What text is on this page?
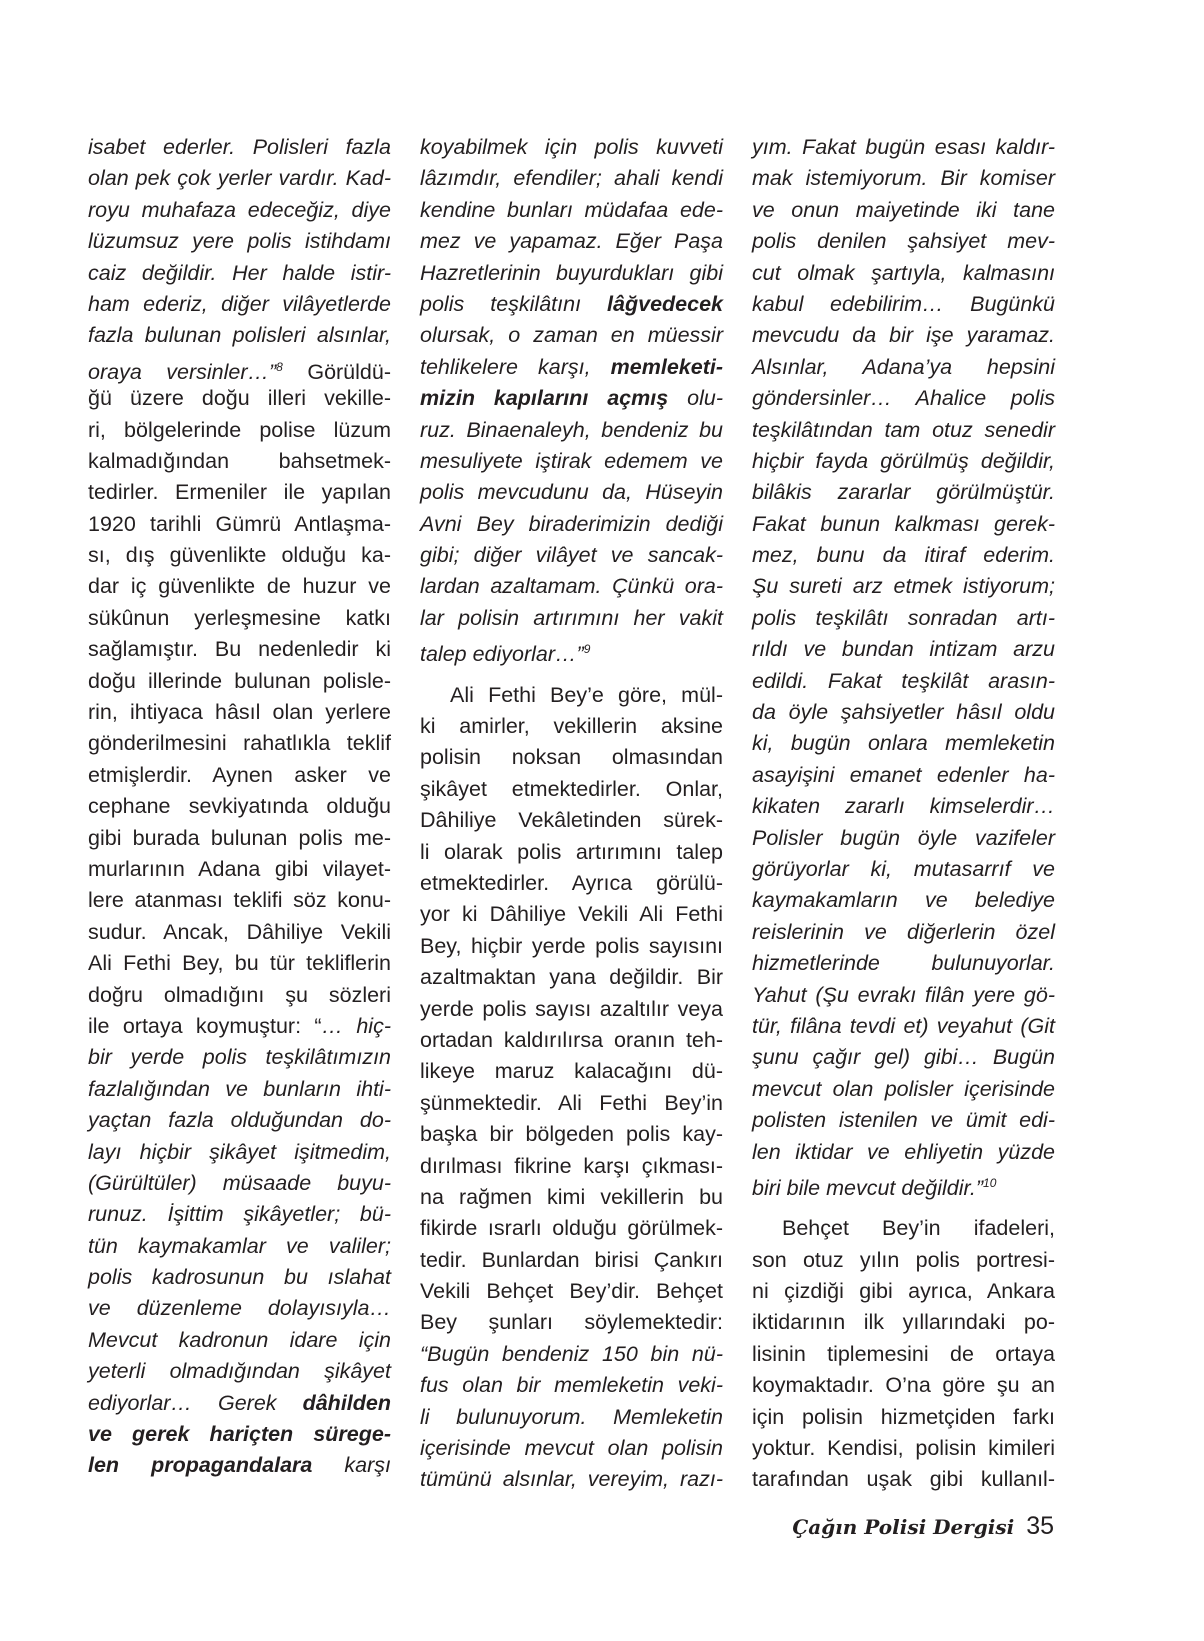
isabet ederler. Polisleri fazla
olan pek çok yerler vardır. Kad-
royu muhafaza edeceğiz, diye
lüzumsuz yere polis istihdamı
caiz değildir. Her halde istir-
ham ederiz, diğer vilâyetlerde
fazla bulunan polisleri alsınlar,
oraya versinler…”$^8$ Görüldü-
ğü üzere doğu illeri vekille-
ri, bölgelerinde polise lüzum
kalmadığından bahsetmek-
tedirler. Ermeniler ile yapılan
1920 tarihli Gümrü Antlaşma-
sı, dış güvenlikte olduğu ka-
dar iç güvenlikte de huzur ve
sükûnun yerleşmesine katkı
sağlamıştır. Bu nedenledir ki
doğu illerinde bulunan polisle-
rin, ihtiyaca hâsıl olan yerlere
gönderilmesini rahatlıkla teklif
etmişlerdir. Aynen asker ve
cephane sevkiyatında olduğu
gibi burada bulunan polis me-
murlarının Adana gibi vilayet-
lere atanması teklifi söz konu-
sudur. Ancak, Dâhiliye Vekili
Ali Fethi Bey, bu tür tekliflerin
doğru olmadığını şu sözleri
ile ortaya koymuştur: “… hiç-
bir yerde polis teşkilâtımızın
fazlalığından ve bunların ihti-
yaçtan fazla olduğundan do-
layı hiçbir şikâyet işitmedim,
(Gürültüler) müsaade buyu-
runuz. İşittim şikâyetler; bü-
tün kaymakamlar ve valiler;
polis kadrosunun bu ıslahat
ve düzenleme dolayısıyla…
Mevcut kadronun idare için
yeterli olmadığından şikâyet
ediyorlar… Gerek dâhilden
ve gerek hariçten sürege-
len propagandalara karşı
koyabilmek için polis kuvveti
lâzımdır, efendiler; ahali kendi
kendine bunları müdafaa ede-
mez ve yapamaz. Eğer Paşa
Hazretlerinin buyurdukları gibi
polis teşkilâtını lâğvedecek
olursak, o zaman en müessir
tehlikelere karşı, memleketi-
mizin kapılarını açmış olu-
ruz. Binaenaleyh, bendeniz bu
mesuliyete iştirak edemem ve
polis mevcudunu da, Hüseyin
Avni Bey biraderimizin dediği
gibi; diğer vilâyet ve sancak-
lardan azaltamam. Çünkü ora-
lar polisin artırımını her vakit
talep ediyorlar…”$^9$
Ali Fethi Bey’e göre, mül-
ki amirler, vekillerin aksine
polisin noksan olmasından
şikâyet etmektedirler. Onlar,
Dâhiliye Vekâletinden sürek-
li olarak polis artırımını talep
etmektedirler. Ayrıca görülü-
yor ki Dâhiliye Vekili Ali Fethi
Bey, hiçbir yerde polis sayısını
azaltmaktan yana değildir. Bir
yerde polis sayısı azaltılır veya
ortadan kaldırılırsa oranın teh-
likeye maruz kalacağını dü-
şünmektedir. Ali Fethi Bey’in
başka bir bölgeden polis kay-
dırılması fikrine karşı çıkması-
na rağmen kimi vekillerin bu
fikirde ısrarlı olduğu görülmek-
tedir. Bunlardan birisi Çankırı
Vekili Behçet Bey’dir. Behçet
Bey şunları söylemektedir:
“Bugün bendeniz 150 bin nü-
fus olan bir memleketin veki-
li bulunuyorum. Memleketin
içerisinde mevcut olan polisin
tümünü alsınlar, vereyim, razı-
yım. Fakat bugün esası kaldır-
mak istemiyorum. Bir komiser
ve onun maiyetinde iki tane
polis denilen şahsiyet mev-
cut olmak şartıyla, kalmasını
kabul edebilirim… Bugünkü
mevcudu da bir işe yaramaz.
Alsınlar, Adana’ya hepsini
göndersinler… Ahalice polis
teşkilâtından tam otuz senedir
hiçbir fayda görülmüş değildir,
bilâkis zararlar görülmüştür.
Fakat bunun kalkması gerek-
mez, bunu da itiraf ederim.
Şu sureti arz etmek istiyorum;
polis teşkilâtı sonradan artı-
rıldı ve bundan intizam arzu
edildi. Fakat teşkilât arasın-
da öyle şahsiyetler hâsıl oldu
ki, bugün onlara memleketin
asayişini emanet edenler ha-
kikaten zararlı kimselerdir…
Polisler bugün öyle vazifeler
görüyorlar ki, mutasarrıf ve
kaymakamların ve belediye
reislerinin ve diğerlerin özel
hizmetlerinde bulunuyorlar.
Yahut (Şu evrakı filân yere gö-
tür, filâna tevdi et) veyahut (Git
şunu çağır gel) gibi… Bugün
mevcut olan polisler içerisinde
polisten istenilen ve ümit edi-
len iktidar ve ehliyetin yüzde
biri bile mevcut değildir.”$^{10}$
Behçet Bey’in ifadeleri,
son otuz yılın polis portresi-
ni çizdiği gibi ayrıca, Ankara
iktidarının ilk yıllarındaki po-
lisinin tiplemesini de ortaya
koymaktadır. O’na göre şu an
için polisin hizmetçiden farkı
yoktur. Kendisi, polisin kimileri
tarafından uşak gibi kullanıl-
Çağın Polisi Dergisi 35
